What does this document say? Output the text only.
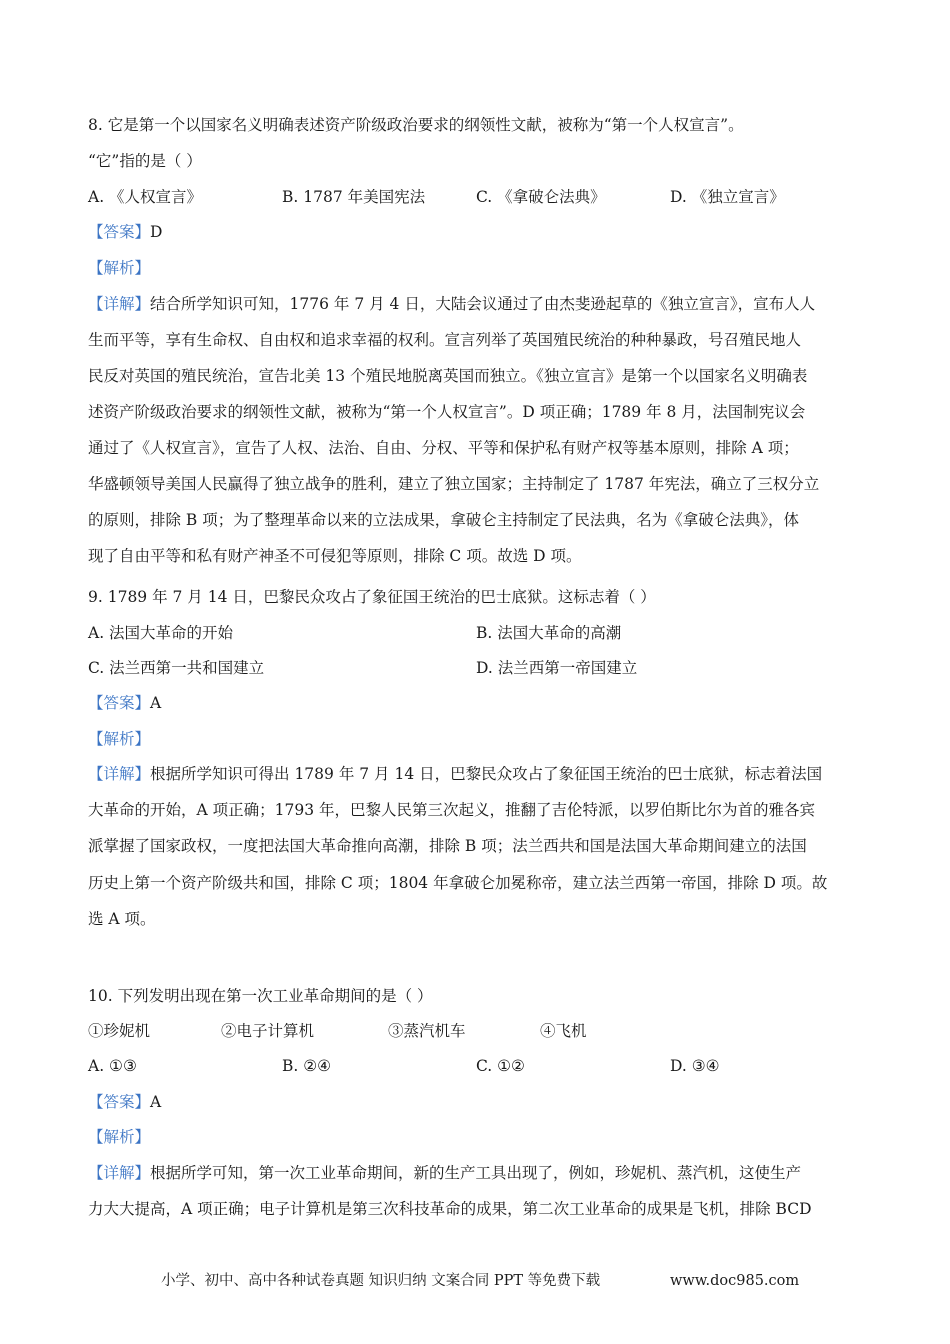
8. 它是第一个以国家名义明确表述资产阶级政治要求的纲领性文献，被称为“第一个人权宣言”。
“它”指的是（ ）
A. 《人权宣言》	B. 1787 年美国宪法	C. 《拿破仑法典》	D. 《独立宣言》
【答案】D
【解析】
【详解】结合所学知识可知，1776 年 7 月 4 日，大陆会议通过了由杰斐逊起草的《独立宣言》，宣布人人
生而平等，享有生命权、自由权和追求幸福的权利。宣言列举了英国殖民统治的种种暴政，号召殖民地人
民反对英国的殖民统治，宣告北美 13 个殖民地脱离英国而独立。《独立宣言》是第一个以国家名义明确表
述资产阶级政治要求的纲领性文献，被称为“第一个人权宣言”。D 项正确；1789 年 8 月，法国制宪议会
通过了《人权宣言》，宣告了人权、法治、自由、分权、平等和保护私有财产权等基本原则，排除 A 项；
华盛顿领导美国人民赢得了独立战争的胜利，建立了独立国家；主持制定了 1787 年宪法，确立了三权分立
的原则，排除 B 项；为了整理革命以来的立法成果，拿破仑主持制定了民法典，名为《拿破仑法典》，体
现了自由平等和私有财产神圣不可侵犯等原则，排除 C 项。故选 D 项。
9. 1789 年 7 月 14 日，巴黎民众攻占了象征国王统治的巴士底狱。这标志着（ ）
A. 法国大革命的开始	B. 法国大革命的高潮
C. 法兰西第一共和国建立	D. 法兰西第一帝国建立
【答案】A
【解析】
【详解】根据所学知识可得出 1789 年 7 月 14 日，巴黎民众攻占了象征国王统治的巴士底狱，标志着法国
大革命的开始，A 项正确；1793 年，巴黎人民第三次起义，推翻了吉伦特派，以罗伯斯比尔为首的雅各宾
派掌握了国家政权，一度把法国大革命推向高潮，排除 B 项；法兰西共和国是法国大革命期间建立的法国
历史上第一个资产阶级共和国，排除 C 项；1804 年拿破仑加冕称帝，建立法兰西第一帝国，排除 D 项。故
选 A 项。
10. 下列发明出现在第一次工业革命期间的是（ ）
①珍妮机	②电子计算机	③蒸汽机车	④飞机
A. ①③	B. ②④	C. ①②	D. ③④
【答案】A
【解析】
【详解】根据所学可知，第一次工业革命期间，新的生产工具出现了，例如，珍妮机、蒸汽机，这使生产
力大大提高，A 项正确；电子计算机是第三次科技革命的成果，第二次工业革命的成果是飞机，排除 BCD
小学、初中、高中各种试卷真题 知识归纳 文案合同 PPT 等免费下载	www.doc985.com
